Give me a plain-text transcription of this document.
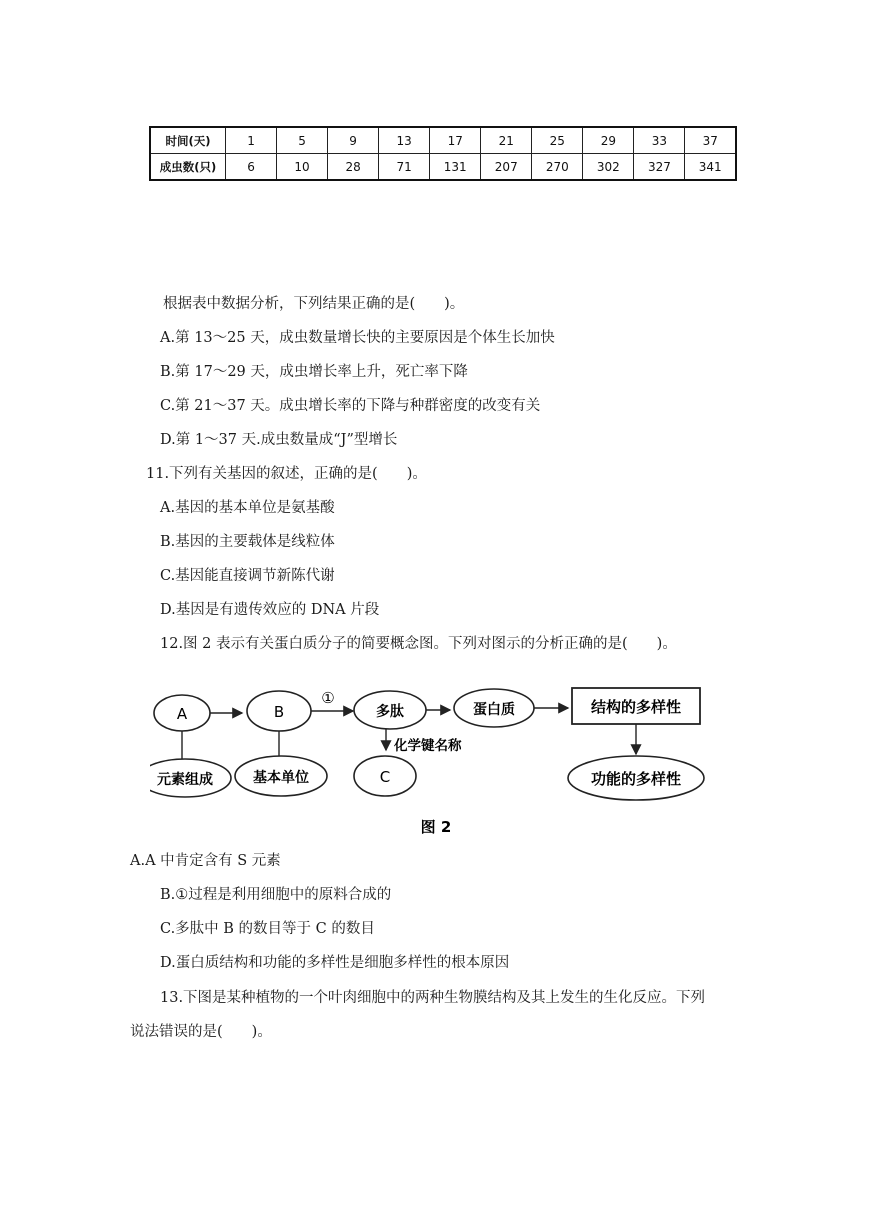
时间(天)	1	5	9	13	17	21	25	29	33	37
成虫数(只)	6	10	28	71	131	207	270	302	327	341
根据表中数据分析，下列结果正确的是(　　)。
A.第 13～25 天，成虫数量增长快的主要原因是个体生长加快
B.第 17～29 天，成虫增长率上升，死亡率下降
C.第 21～37 天。成虫增长率的下降与种群密度的改变有关
D.第 1～37 天.成虫数量成“J”型增长
11.下列有关基因的叙述，正确的是(　　)。
A.基因的基本单位是氨基酸
B.基因的主要载体是线粒体
C.基因能直接调节新陈代谢
D.基因是有遗传效应的 DNA 片段
12.图 2 表示有关蛋白质分子的简要概念图。下列对图示的分析正确的是(　　)。
A	B
①
多肽
化学键名称
C
蛋白质	结构的多样性
功能的多样性
元素组成	基本单位
图 2
A.A 中肯定含有 S 元素
B.①过程是利用细胞中的原料合成的
C.多肽中 B 的数目等于 C 的数目
D.蛋白质结构和功能的多样性是细胞多样性的根本原因
13.下图是某种植物的一个叶肉细胞中的两种生物膜结构及其上发生的生化反应。下列
说法错误的是(　　)。
